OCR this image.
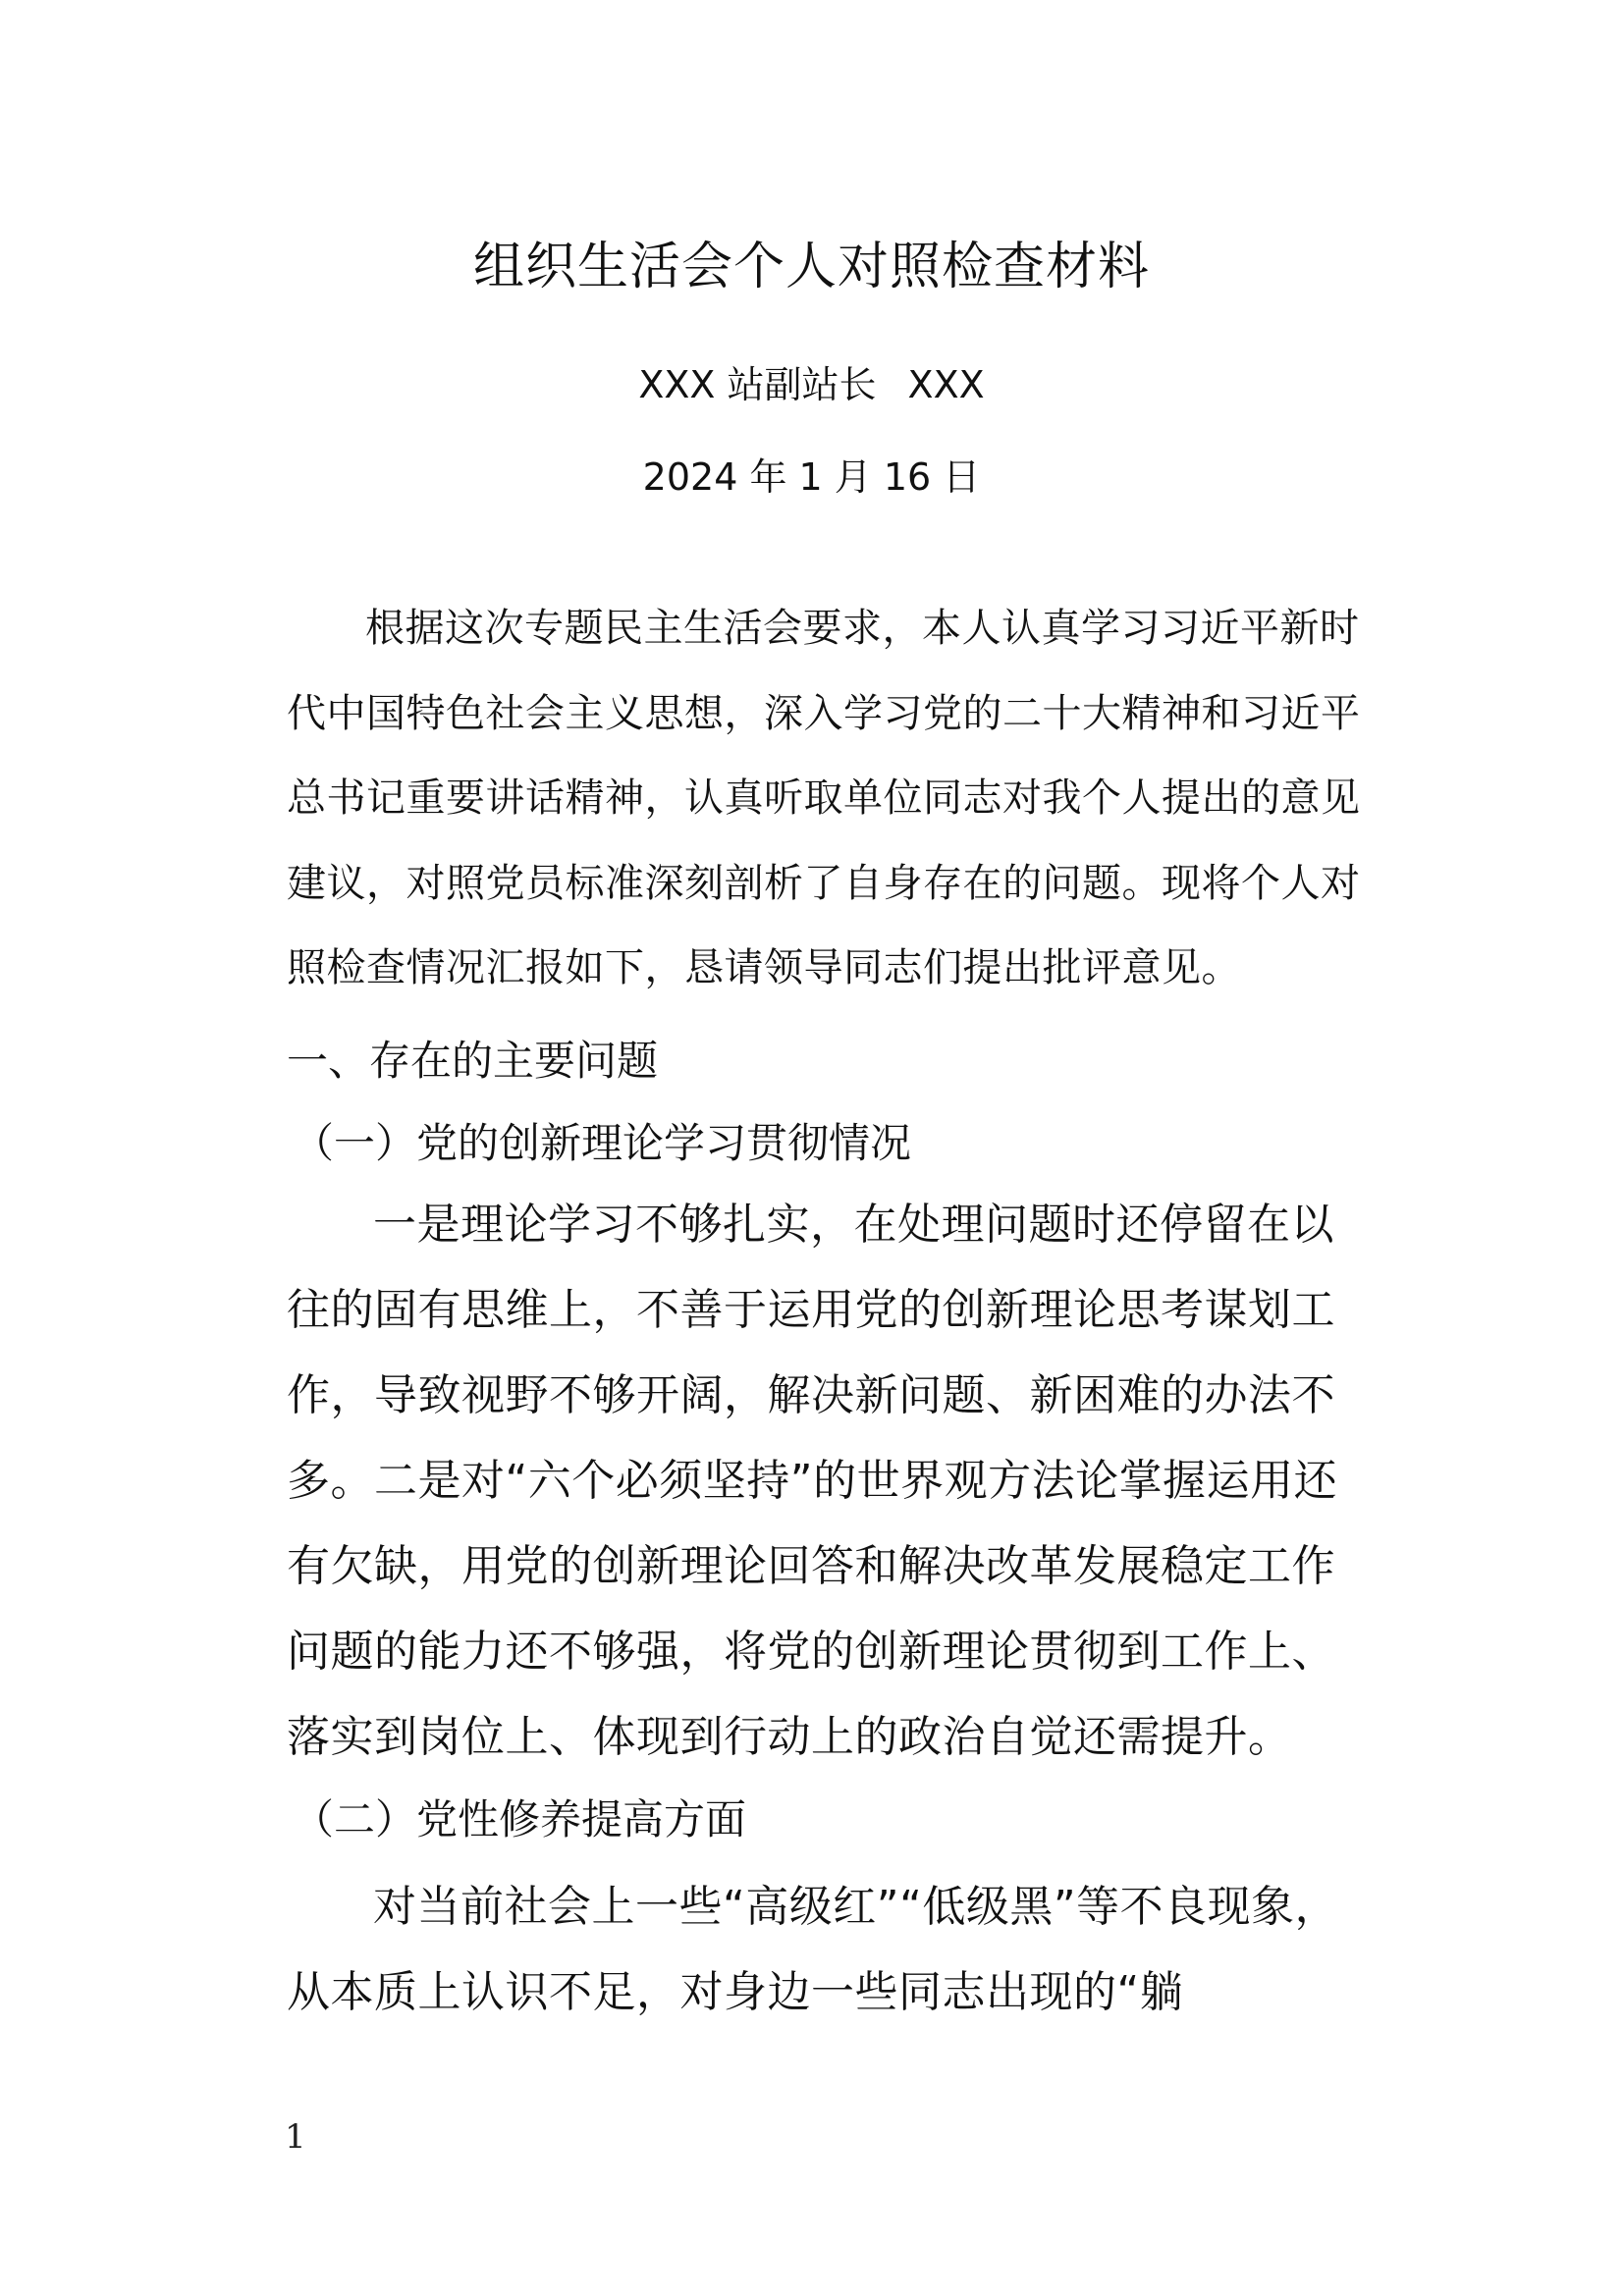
组织生活会个人对照检查材料
XXX 站副站长 XXX
2024 年 1 月 16 日
根据这次专题民主生活会要求，本人认真学习习近平新时代中国特色社会主义思想，深入学习党的二十大精神和习近平总书记重要讲话精神，认真听取单位同志对我个人提出的意见建议，对照党员标准深刻剖析了自身存在的问题。现将个人对照检查情况汇报如下，恳请领导同志们提出批评意见。
一、存在的主要问题
（一）党的创新理论学习贯彻情况
一是理论学习不够扎实，在处理问题时还停留在以往的固有思维上，不善于运用党的创新理论思考谋划工作，导致视野不够开阔，解决新问题、新困难的办法不多。二是对“六个必须坚持”的世界观方法论掌握运用还有欠缺，用党的创新理论回答和解决改革发展稳定工作问题的能力还不够强，将党的创新理论贯彻到工作上、落实到岗位上、体现到行动上的政治自觉还需提升。
（二）党性修养提高方面
对当前社会上一些“高级红”“低级黑”等不良现象，从本质上认识不足，对身边一些同志出现的“躺
1
